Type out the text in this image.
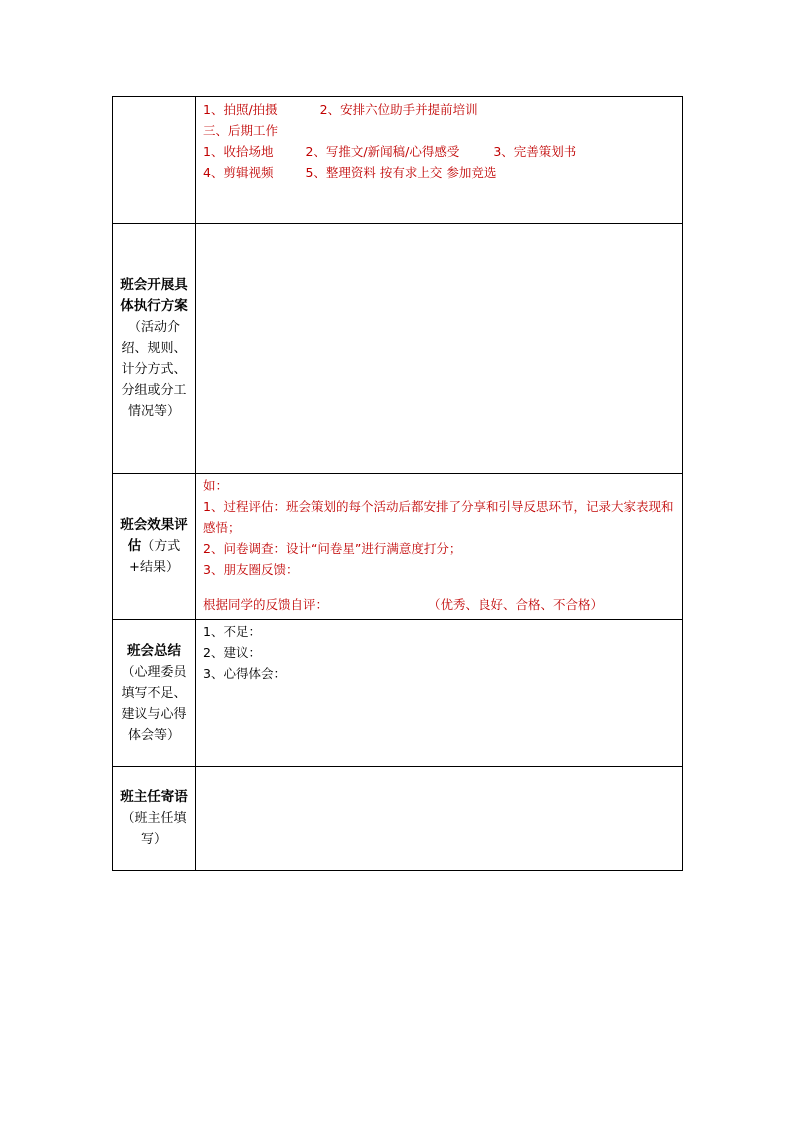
	1、拍照/拍摄 2、安排六位助手并提前培训
三、后期工作
1、收拾场地 2、写推文/新闻稿/心得感受 3、完善策划书
4、剪辑视频 5、整理资料 按有求上交 参加竞选

班会开展具体执行方案（活动介绍、规则、计分方式、分组或分工情况等）	
班会效果评估（方式+结果）	如：
1、过程评估：班会策划的每个活动后都安排了分享和引导反思环节，记录大家表现和感悟；
2、问卷调查：设计“问卷星”进行满意度打分；
3、朋友圈反馈：
根据同学的反馈自评： （优秀、良好、合格、不合格）

班会总结（心理委员填写不足、建议与心得体会等）	1、不足：
2、建议：
3、心得体会：

班主任寄语（班主任填写）	
